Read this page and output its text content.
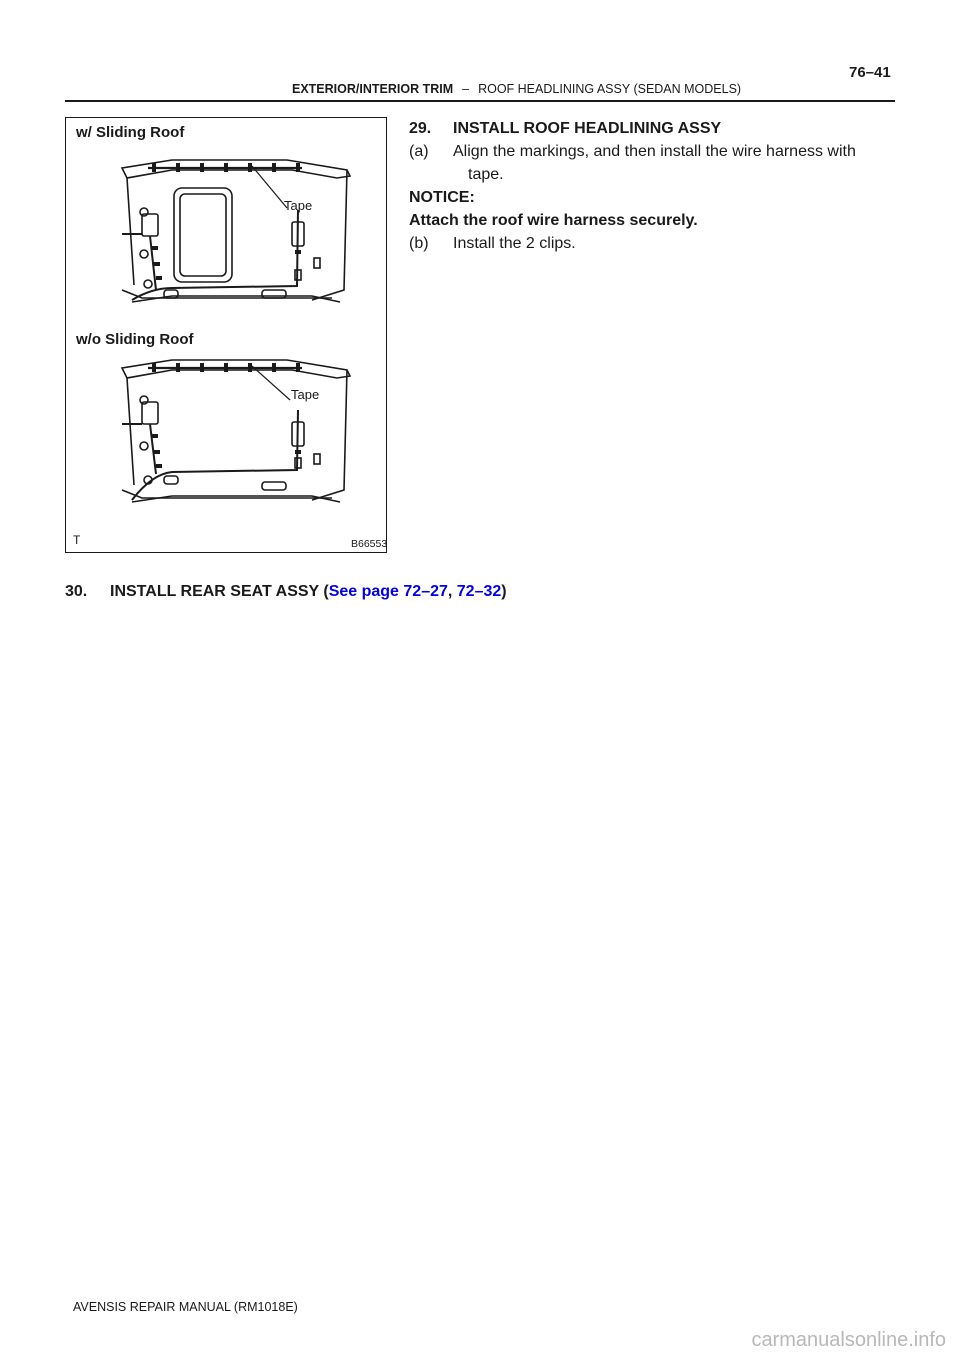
76–41
EXTERIOR/INTERIOR TRIM – ROOF HEADLINING ASSY (SEDAN MODELS)
w/ Sliding Roof
w/o Sliding Roof
Tape
Tape
T	B66553
29. INSTALL ROOF HEADLINING ASSY
(a) Align the markings, and then install the wire harness with
tape.
NOTICE:
Attach the roof wire harness securely.
(b) Install the 2 clips.
30. INSTALL REAR SEAT ASSY (See page 72–27, 72–32)
AVENSIS REPAIR MANUAL (RM1018E)
carmanualsonline.info
